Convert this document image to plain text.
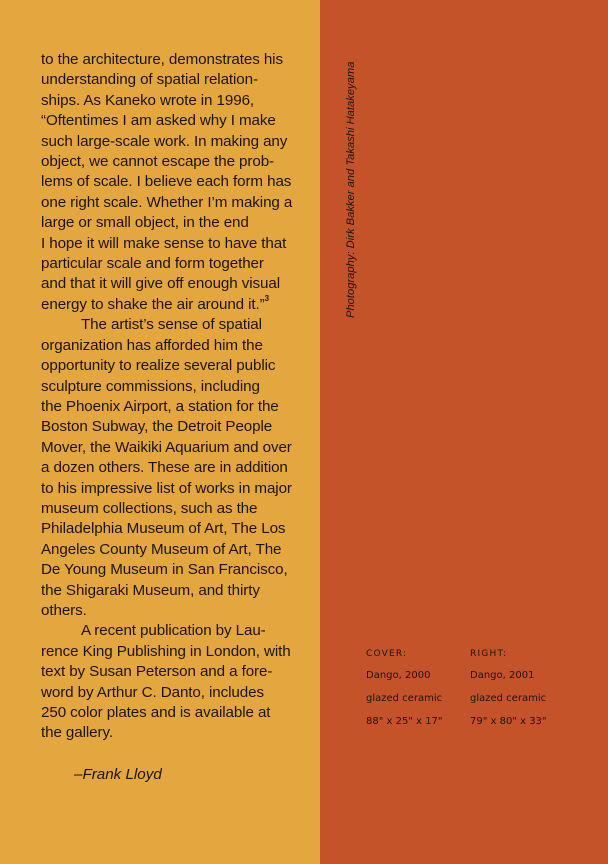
to the architecture, demonstrates his

understanding of spatial relation-

ships. As Kaneko wrote in 1996,

“Oftentimes I am asked why I make

such large-scale work. In making any

object, we cannot escape the prob-

lems of scale. I believe each form has

one right scale. Whether I’m making a

large or small object, in the end

I hope it will make sense to have that

particular scale and form together

and that it will give off enough visual

energy to shake the air around it.”$^3$

The artist’s sense of spatial

organization has afforded him the

opportunity to realize several public

sculpture commissions, including

the Phoenix Airport, a station for the

Boston Subway, the Detroit People

Mover, the Waikiki Aquarium and over

a dozen others. These are in addition

to his impressive list of works in major

museum collections, such as the

Philadelphia Museum of Art, The Los

Angeles County Museum of Art, The

De Young Museum in San Francisco,

the Shigaraki Museum, and thirty

others.

A recent publication by Lau-

rence King Publishing in London, with

text by Susan Peterson and a fore-

word by Arthur C. Danto, includes

250 color plates and is available at

the gallery.

–Frank Lloyd
Photography: Dirk Bakker and Takashi Hatakeyama
COVER:
Dango, 2000
glazed ceramic
88" x 25" x 17"
RIGHT:
Dango, 2001
glazed ceramic
79" x 80" x 33"
